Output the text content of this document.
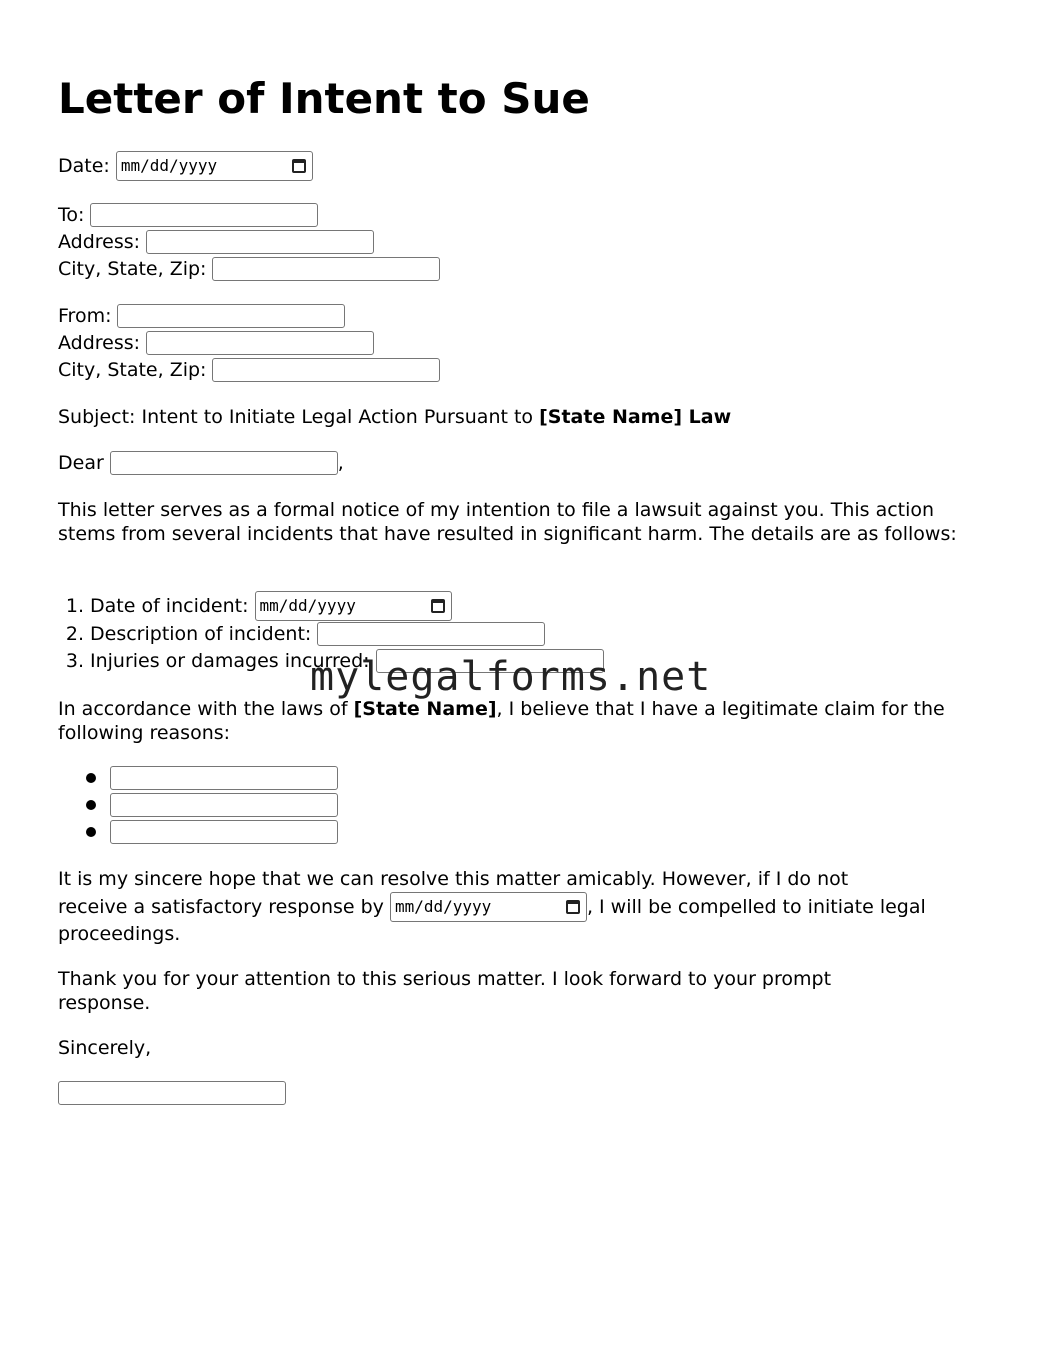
Letter of Intent to Sue
Date: mm/dd/yyyy
To:
Address:
City, State, Zip:
From:
Address:
City, State, Zip:
Subject: Intent to Initiate Legal Action Pursuant to [State Name] Law
Dear	,

This letter serves as a formal notice of my intention to file a lawsuit against you. This action stems from several incidents that have resulted in significant harm. The details are as follows:

1. Date of incident: mm/dd/yyyy
2. Description of incident:
3. Injuries or damages incurred:

In accordance with the laws of [State Name], I believe that I have a legitimate claim for the following reasons:

It is my sincere hope that we can resolve this matter amicably. However, if I do not
receive a satisfactory response by mm/dd/yyyy	, I will be compelled to initiate legal
proceedings.

Thank you for your attention to this serious matter. I look forward to your prompt response.

Sincerely,
mylegalforms.net
